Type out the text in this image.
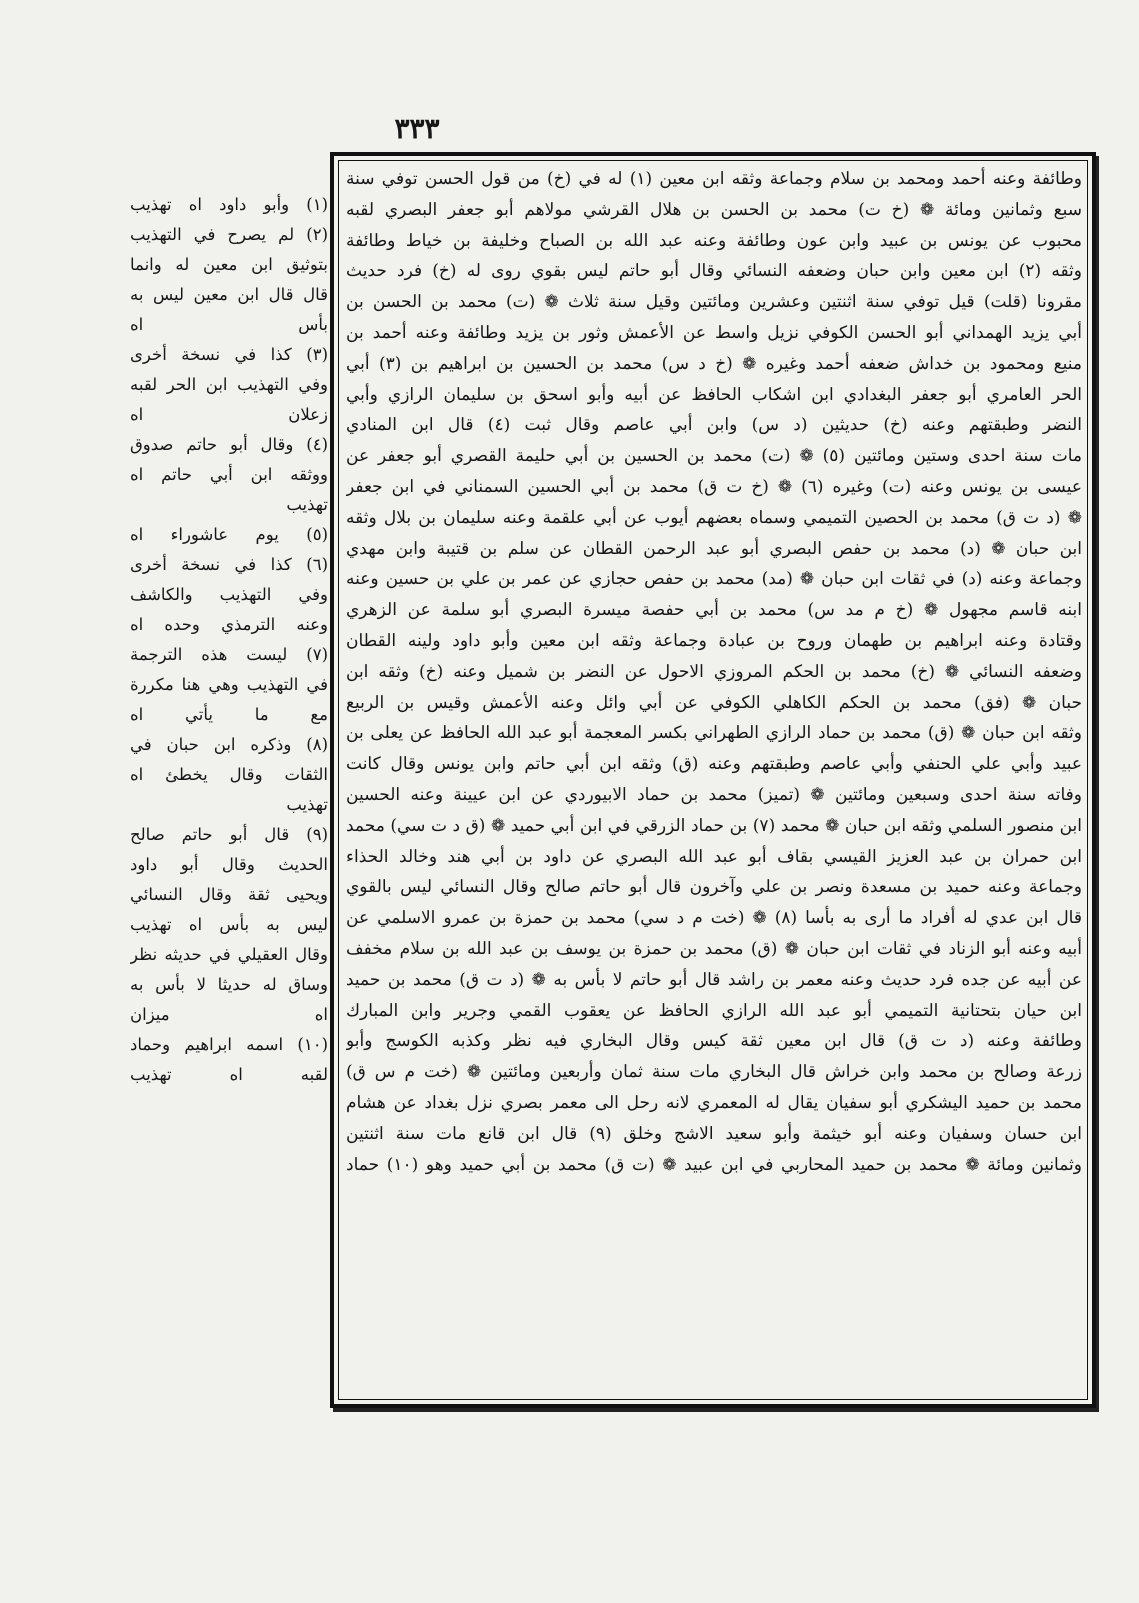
٣٣٣
وطائفة وعنه أحمد ومحمد بن سلام وجماعة وثقه ابن معين (١) له في (خ) من قول الحسن توفي سنة
سبع وثمانين ومائة ❁ (خ ت) محمد بن الحسن بن هلال القرشي مولاهم أبو جعفر البصري لقبه
محبوب عن يونس بن عبيد وابن عون وطائفة وعنه عبد الله بن الصباح وخليفة بن خياط وطائفة
وثقه (٢) ابن معين وابن حبان وضعفه النسائي وقال أبو حاتم ليس بقوي روى له (خ) فرد حديث
مقرونا (قلت) قيل توفي سنة اثنتين وعشرين ومائتين وقيل سنة ثلاث ❁ (ت) محمد بن الحسن بن
أبي يزيد الهمداني أبو الحسن الكوفي نزيل واسط عن الأعمش وثور بن يزيد وطائفة وعنه أحمد بن
منيع ومحمود بن خداش ضعفه أحمد وغيره ❁ (خ د س) محمد بن الحسين بن ابراهيم بن (٣) أبي
الحر العامري أبو جعفر البغدادي ابن اشكاب الحافظ عن أبيه وأبو اسحق بن سليمان الرازي وأبي
النضر وطبقتهم وعنه (خ) حديثين (د س) وابن أبي عاصم وقال ثبت (٤) قال ابن المنادي
مات سنة احدى وستين ومائتين (٥) ❁ (ت) محمد بن الحسين بن أبي حليمة القصري أبو جعفر عن
عيسى بن يونس وعنه (ت) وغيره (٦) ❁ (خ ت ق) محمد بن أبي الحسين السمناني في ابن جعفر
❁ (د ت ق) محمد بن الحصين التميمي وسماه بعضهم أيوب عن أبي علقمة وعنه سليمان بن بلال وثقه
ابن حبان ❁ (د) محمد بن حفص البصري أبو عبد الرحمن القطان عن سلم بن قتيبة وابن مهدي
وجماعة وعنه (د) في ثقات ابن حبان ❁ (مد) محمد بن حفص حجازي عن عمر بن علي بن حسين وعنه
ابنه قاسم مجهول ❁ (خ م مد س) محمد بن أبي حفصة ميسرة البصري أبو سلمة عن الزهري
وقتادة وعنه ابراهيم بن طهمان وروح بن عبادة وجماعة وثقه ابن معين وأبو داود ولينه القطان
وضعفه النسائي ❁ (خ) محمد بن الحكم المروزي الاحول عن النضر بن شميل وعنه (خ) وثقه ابن
حبان ❁ (فق) محمد بن الحكم الكاهلي الكوفي عن أبي وائل وعنه الأعمش وقيس بن الربيع
وثقه ابن حبان ❁ (ق) محمد بن حماد الرازي الطهراني بكسر المعجمة أبو عبد الله الحافظ عن يعلى بن
عبيد وأبي علي الحنفي وأبي عاصم وطبقتهم وعنه (ق) وثقه ابن أبي حاتم وابن يونس وقال كانت
وفاته سنة احدى وسبعين ومائتين ❁ (تميز) محمد بن حماد الابيوردي عن ابن عيينة وعنه الحسين
ابن منصور السلمي وثقه ابن حبان ❁ محمد (٧) بن حماد الزرقي في ابن أبي حميد ❁ (ق د ت سي) محمد
ابن حمران بن عبد العزيز القيسي بقاف أبو عبد الله البصري عن داود بن أبي هند وخالد الحذاء
وجماعة وعنه حميد بن مسعدة ونصر بن علي وآخرون قال أبو حاتم صالح وقال النسائي ليس بالقوي
قال ابن عدي له أفراد ما أرى به بأسا (٨) ❁ (خت م د سي) محمد بن حمزة بن عمرو الاسلمي عن
أبيه وعنه أبو الزناد في ثقات ابن حبان ❁ (ق) محمد بن حمزة بن يوسف بن عبد الله بن سلام مخفف
عن أبيه عن جده فرد حديث وعنه معمر بن راشد قال أبو حاتم لا بأس به ❁ (د ت ق) محمد بن حميد
ابن حيان بتحتانية التميمي أبو عبد الله الرازي الحافظ عن يعقوب القمي وجرير وابن المبارك
وطائفة وعنه (د ت ق) قال ابن معين ثقة كيس وقال البخاري فيه نظر وكذبه الكوسج وأبو
زرعة وصالح بن محمد وابن خراش قال البخاري مات سنة ثمان وأربعين ومائتين ❁ (خت م س ق)
محمد بن حميد اليشكري أبو سفيان يقال له المعمري لانه رحل الى معمر بصري نزل بغداد عن هشام
ابن حسان وسفيان وعنه أبو خيثمة وأبو سعيد الاشج وخلق (٩) قال ابن قانع مات سنة اثنتين
وثمانين ومائة ❁ محمد بن حميد المحاربي في ابن عبيد ❁ (ت ق) محمد بن أبي حميد وهو (١٠) حماد
(١) وأبو داود اه تهذيب
(٢) لم يصرح في التهذيب
بتوثيق ابن معين له وانما
قال قال ابن معين ليس به
بأس اه
(٣) كذا في نسخة أخرى
وفي التهذيب ابن الحر لقبه
زعلان اه
(٤) وقال أبو حاتم صدوق
ووثقه ابن أبي حاتم اه
تهذيب
(٥) يوم عاشوراء اه
(٦) كذا في نسخة أخرى
وفي التهذيب والكاشف
وعنه الترمذي وحده اه
(٧) ليست هذه الترجمة
في التهذيب وهي هنا مكررة
مع ما يأتي اه
(٨) وذكره ابن حبان في
الثقات وقال يخطئ اه
تهذيب
(٩) قال أبو حاتم صالح
الحديث وقال أبو داود
ويحيى ثقة وقال النسائي
ليس به بأس اه تهذيب
وقال العقيلي في حديثه نظر
وساق له حديثا لا بأس به
اه ميزان
(١٠) اسمه ابراهيم وحماد
لقبه اه تهذيب
